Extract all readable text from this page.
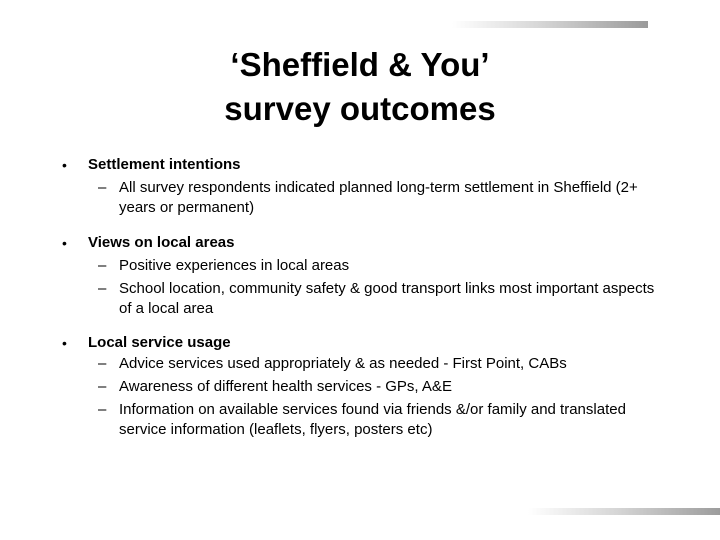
‘Sheffield & You’
survey outcomes
• Settlement intentions
– All survey respondents indicated planned long-term settlement in Sheffield (2+ years or permanent)
• Views on local areas
– Positive experiences in local areas
– School location, community safety & good transport links most important aspects of a local area
• Local service usage
– Advice services used appropriately & as needed - First Point, CABs
– Awareness of different health services - GPs, A&E
– Information on available services found via friends &/or family and translated service information (leaflets, flyers, posters etc)
